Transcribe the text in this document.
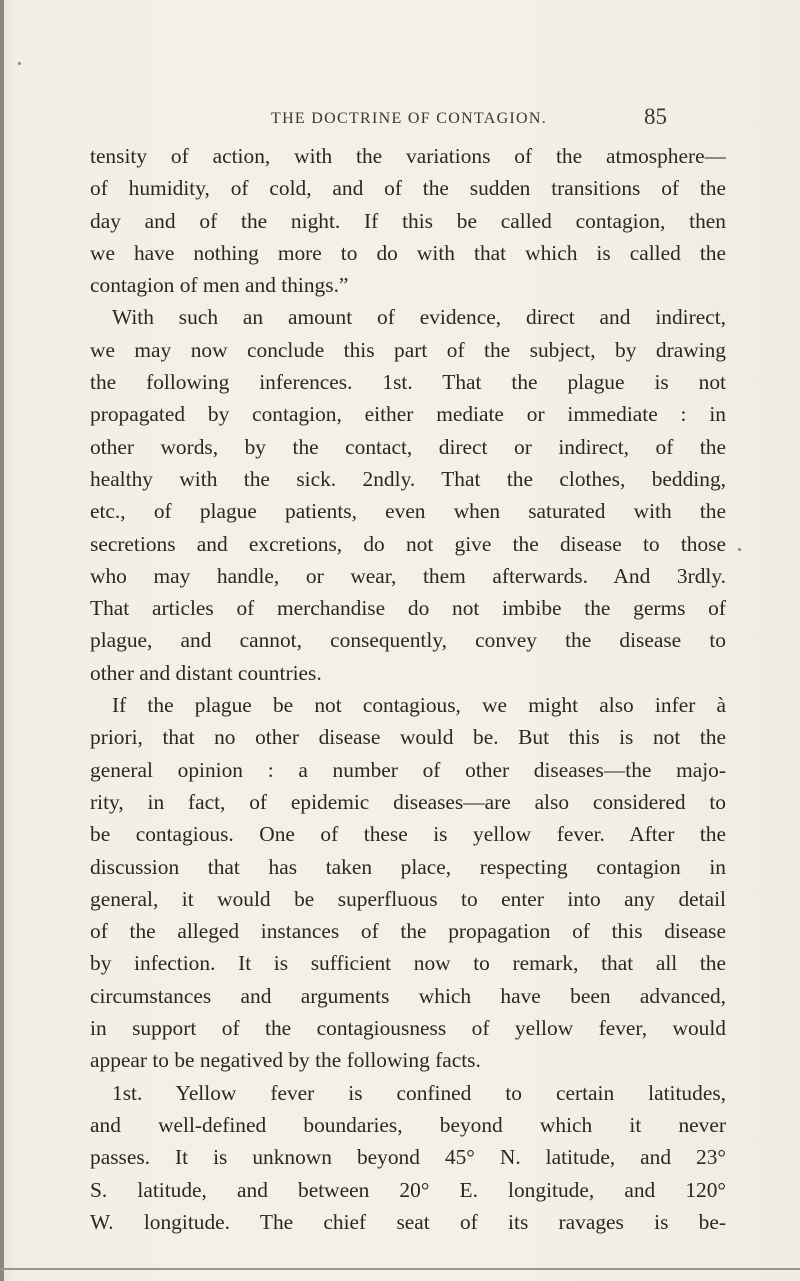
THE DOCTRINE OF CONTAGION.	85
tensity of action, with the variations of the atmosphere—
of humidity, of cold, and of the sudden transitions of the
day and of the night. If this be called contagion, then
we have nothing more to do with that which is called the
contagion of men and things.”
With such an amount of evidence, direct and indirect,
we may now conclude this part of the subject, by drawing
the following inferences. 1st. That the plague is not
propagated by contagion, either mediate or immediate : in
other words, by the contact, direct or indirect, of the
healthy with the sick. 2ndly. That the clothes, bedding,
etc., of plague patients, even when saturated with the
secretions and excretions, do not give the disease to those
who may handle, or wear, them afterwards. And 3rdly.
That articles of merchandise do not imbibe the germs of
plague, and cannot, consequently, convey the disease to
other and distant countries.
If the plague be not contagious, we might also infer à
priori, that no other disease would be. But this is not the
general opinion : a number of other diseases—the majo-
rity, in fact, of epidemic diseases—are also considered to
be contagious. One of these is yellow fever. After the
discussion that has taken place, respecting contagion in
general, it would be superfluous to enter into any detail
of the alleged instances of the propagation of this disease
by infection. It is sufficient now to remark, that all the
circumstances and arguments which have been advanced,
in support of the contagiousness of yellow fever, would
appear to be negatived by the following facts.
1st. Yellow fever is confined to certain latitudes,
and well-defined boundaries, beyond which it never
passes. It is unknown beyond 45° N. latitude, and 23°
S. latitude, and between 20° E. longitude, and 120°
W. longitude. The chief seat of its ravages is be-
